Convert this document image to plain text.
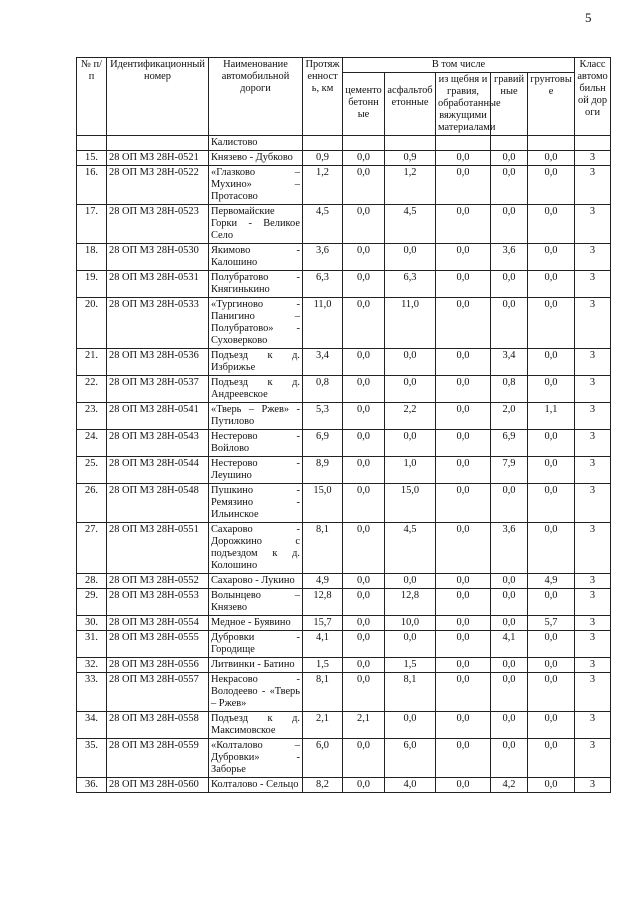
5
№ п/п	Идентификационный номер	Наименование автомобильной дороги	Протяженность, км	В том числе					Класс автомобильной дороги
				цементобетонные	асфальтобетонные	из щебня и гравия, обработанные вяжущими материалами	гравийные	грунтовые	
		Калистово							
15.	28 ОП МЗ 28Н-0521	Князево - Дубково	0,9	0,0	0,9	0,0	0,0	0,0	3
16.	28 ОП МЗ 28Н-0522	«Глазково – Мухино» – Протасово	1,2	0,0	1,2	0,0	0,0	0,0	3
17.	28 ОП МЗ 28Н-0523	Первомайские Горки - Великое Село	4,5	0,0	4,5	0,0	0,0	0,0	3
18.	28 ОП МЗ 28Н-0530	Якимово - Калошино	3,6	0,0	0,0	0,0	3,6	0,0	3
19.	28 ОП МЗ 28Н-0531	Полубратово - Княгинькино	6,3	0,0	6,3	0,0	0,0	0,0	3
20.	28 ОП МЗ 28Н-0533	«Тургиново - Панигино – Полубратово» - Суховерково	11,0	0,0	11,0	0,0	0,0	0,0	3
21.	28 ОП МЗ 28Н-0536	Подъезд к д. Избрижье	3,4	0,0	0,0	0,0	3,4	0,0	3
22.	28 ОП МЗ 28Н-0537	Подъезд к д. Андреевское	0,8	0,0	0,0	0,0	0,8	0,0	3
23.	28 ОП МЗ 28Н-0541	«Тверь – Ржев» - Путилово	5,3	0,0	2,2	0,0	2,0	1,1	3
24.	28 ОП МЗ 28Н-0543	Нестерово - Войлово	6,9	0,0	0,0	0,0	6,9	0,0	3
25.	28 ОП МЗ 28Н-0544	Нестерово - Леушино	8,9	0,0	1,0	0,0	7,9	0,0	3
26.	28 ОП МЗ 28Н-0548	Пушкино - Ремязино - Ильинское	15,0	0,0	15,0	0,0	0,0	0,0	3
27.	28 ОП МЗ 28Н-0551	Сахарово - Дорожкино с подъездом к д. Колошино	8,1	0,0	4,5	0,0	3,6	0,0	3
28.	28 ОП МЗ 28Н-0552	Сахарово - Лукино	4,9	0,0	0,0	0,0	0,0	4,9	3
29.	28 ОП МЗ 28Н-0553	Волынцево – Князево	12,8	0,0	12,8	0,0	0,0	0,0	3
30.	28 ОП МЗ 28Н-0554	Медное - Буявино	15,7	0,0	10,0	0,0	0,0	5,7	3
31.	28 ОП МЗ 28Н-0555	Дубровки - Городище	4,1	0,0	0,0	0,0	4,1	0,0	3
32.	28 ОП МЗ 28Н-0556	Литвинки - Батино	1,5	0,0	1,5	0,0	0,0	0,0	3
33.	28 ОП МЗ 28Н-0557	Некрасово - Володеево - «Тверь – Ржев»	8,1	0,0	8,1	0,0	0,0	0,0	3
34.	28 ОП МЗ 28Н-0558	Подъезд к д. Максимовское	2,1	2,1	0,0	0,0	0,0	0,0	3
35.	28 ОП МЗ 28Н-0559	«Колталово – Дубровки» - Заборье	6,0	0,0	6,0	0,0	0,0	0,0	3
36.	28 ОП МЗ 28Н-0560	Колталово - Сельцо	8,2	0,0	4,0	0,0	4,2	0,0	3
